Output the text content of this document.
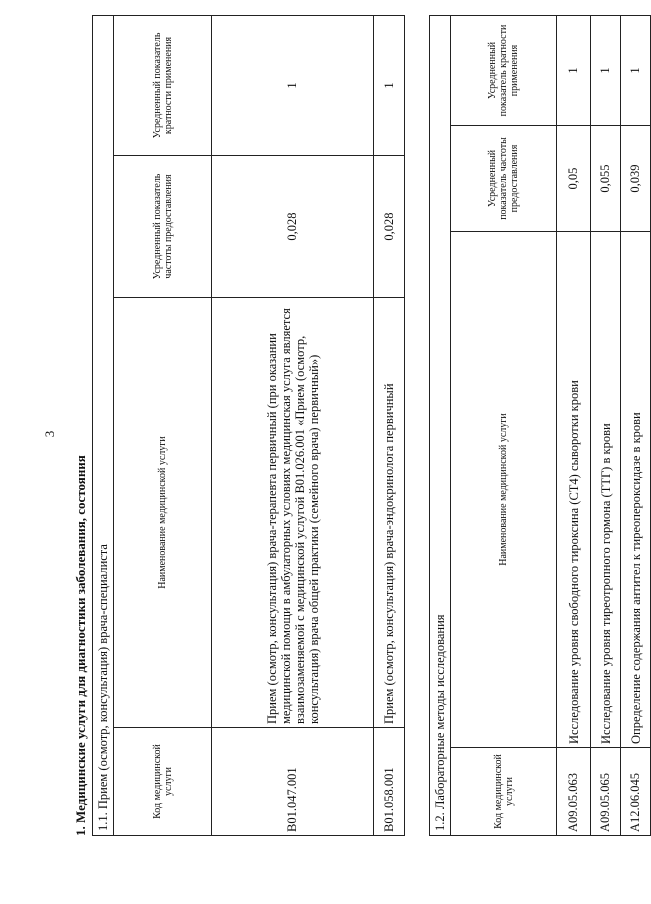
3
1. Медицинские услуги для диагностики заболевания, состояния 1.1. Прием (осмотр, консультация) врача-специалиста			
Код медицинской услуги	Наименование медицинской услуги	Усредненный показатель частоты предоставления	Усредненный показатель кратности применения
B01.047.001	Прием (осмотр, консультация) врача-терапевта первичный (при оказании медицинской помощи в амбулаторных условиях медицинская услуга является взаимозаменяемой с медицинской услугой B01.026.001 «Прием (осмотр, консультация) врача общей практики (семейного врача) первичный»)	0,028	1
B01.058.001	Прием (осмотр, консультация) врача-эндокринолога первичный	0,028	1
1.2. Лабораторные методы исследования			
Код медицинской услуги	Наименование медицинской услуги	Усредненный показатель частоты предоставления	Усредненный показатель кратности применения
A09.05.063	Исследование уровня свободного тироксина (СТ4) сыворотки крови	0,05	1
A09.05.065	Исследование уровня тиреотропного гормона (ТТГ) в крови	0,055	1
A12.06.045	Определение содержания антител к тиреопероксидазе в крови	0,039	1
